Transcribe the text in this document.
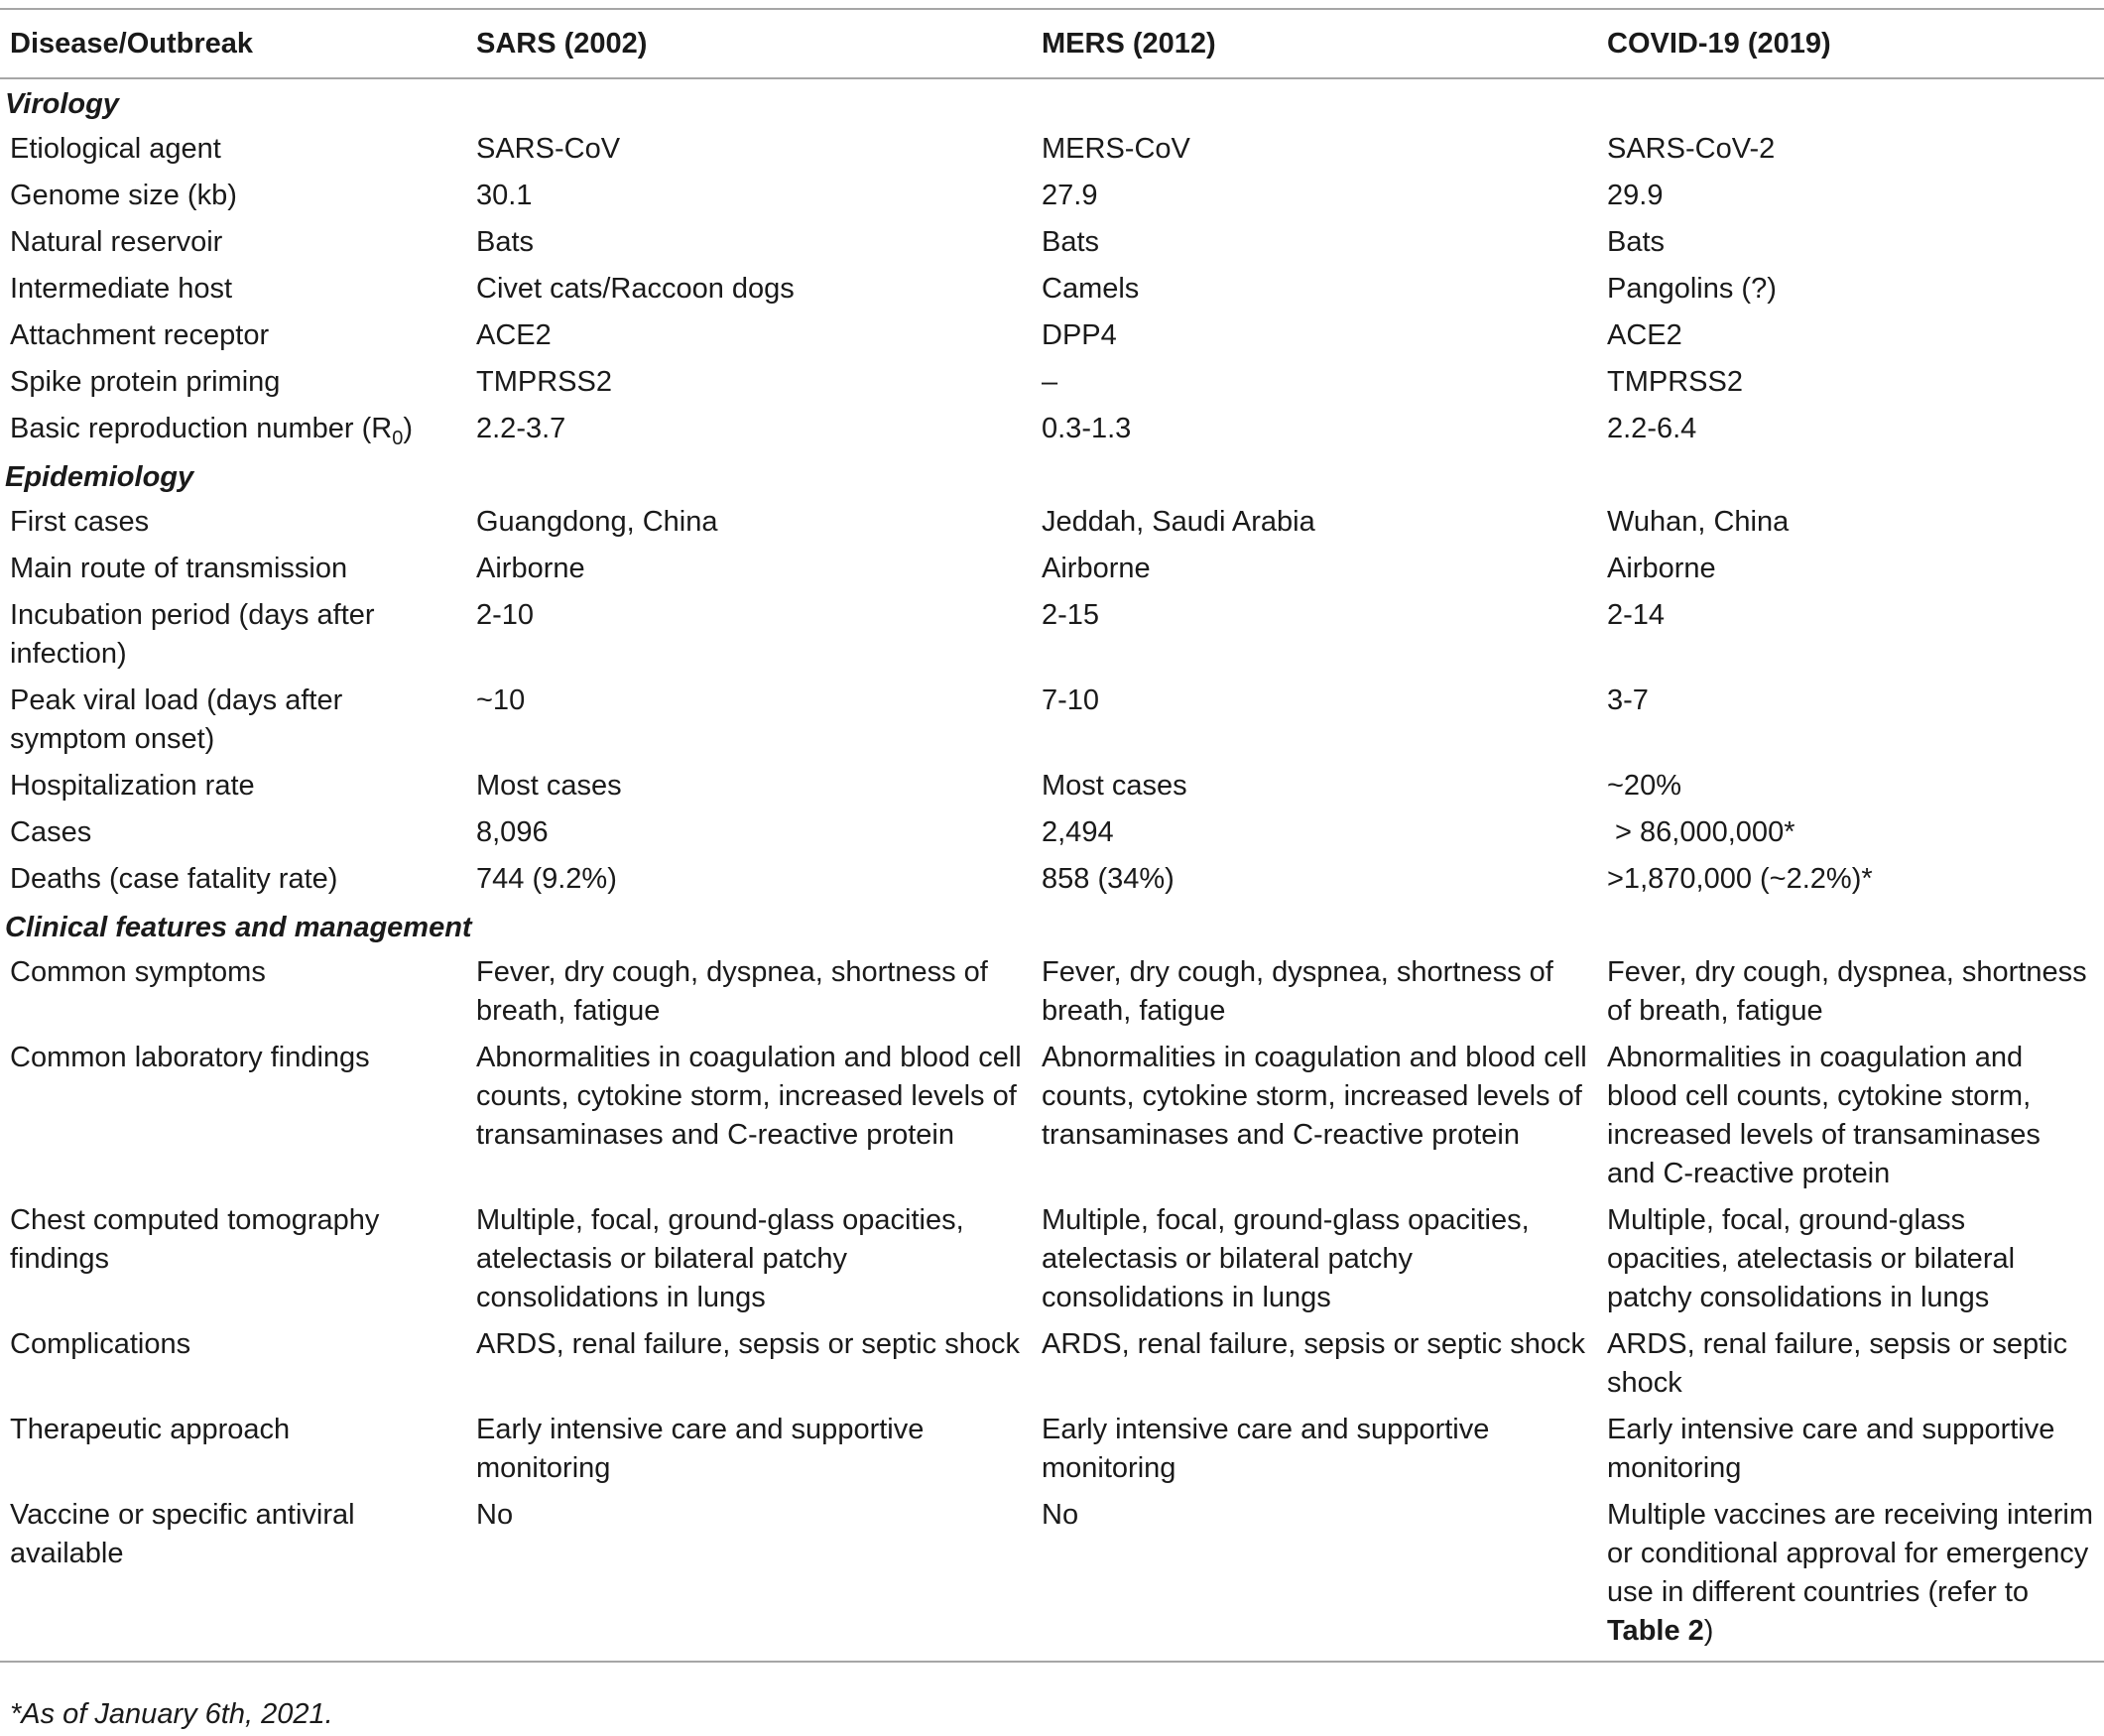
Disease/Outbreak	SARS (2002)	MERS (2012)	COVID-19 (2019)
Virology			
Etiological agent	SARS-CoV	MERS-CoV	SARS-CoV-2
Genome size (kb)	30.1	27.9	29.9
Natural reservoir	Bats	Bats	Bats
Intermediate host	Civet cats/Raccoon dogs	Camels	Pangolins (?)
Attachment receptor	ACE2	DPP4	ACE2
Spike protein priming	TMPRSS2	–	TMPRSS2
Basic reproduction number $(R_0)$	2.2-3.7	0.3-1.3	2.2-6.4
Epidemiology			
First cases	Guangdong, China	Jeddah, Saudi Arabia	Wuhan, China
Main route of transmission	Airborne	Airborne	Airborne
Incubation period (days after infection)	2-10	2-15	2-14
Peak viral load (days after symptom onset)	~10	7-10	3-7
Hospitalization rate	Most cases	Most cases	~20%
Cases	8,096	2,494	> 86,000,000*
Deaths (case fatality rate)	744 (9.2%)	858 (34%)	>1,870,000 (~2.2%)*
Clinical features and management			
Common symptoms	Fever, dry cough, dyspnea, shortness of breath, fatigue	Fever, dry cough, dyspnea, shortness of breath, fatigue	Fever, dry cough, dyspnea, shortness of breath, fatigue
Common laboratory findings	Abnormalities in coagulation and blood cell counts, cytokine storm, increased levels of transaminases and C-reactive protein	Abnormalities in coagulation and blood cell counts, cytokine storm, increased levels of transaminases and C-reactive protein	Abnormalities in coagulation and blood cell counts, cytokine storm, increased levels of transaminases and C-reactive protein
Chest computed tomography findings	Multiple, focal, ground-glass opacities, atelectasis or bilateral patchy consolidations in lungs	Multiple, focal, ground-glass opacities, atelectasis or bilateral patchy consolidations in lungs	Multiple, focal, ground-glass opacities, atelectasis or bilateral patchy consolidations in lungs
Complications	ARDS, renal failure, sepsis or septic shock	ARDS, renal failure, sepsis or septic shock	ARDS, renal failure, sepsis or septic shock
Therapeutic approach	Early intensive care and supportive monitoring	Early intensive care and supportive monitoring	Early intensive care and supportive monitoring
Vaccine or specific antiviral available	No	No	Multiple vaccines are receiving interim or conditional approval for emergency use in different countries (refer to Table 2)
*As of January 6th, 2021.
